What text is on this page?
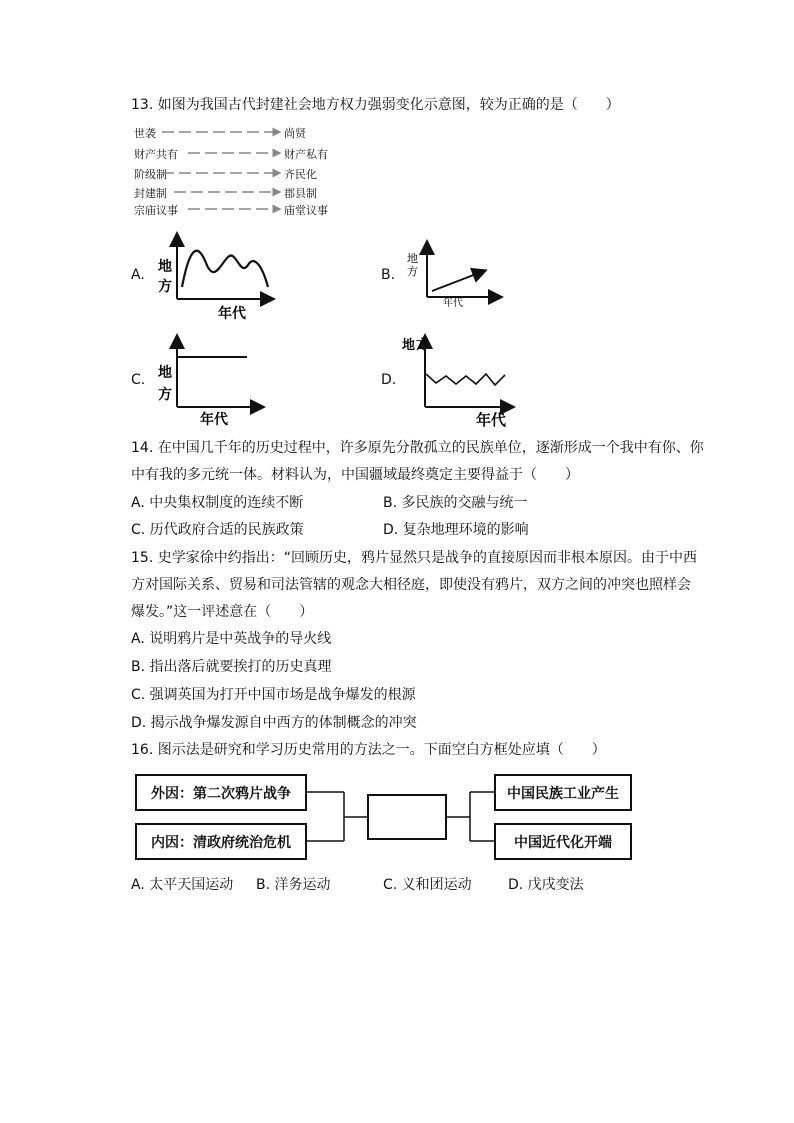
13. 如图为我国古代封建社会地方权力强弱变化示意图，较为正确的是（　　）
世袭	尚贤
财产共有	财产私有
阶级制	齐民化
封建制	郡县制
宗庙议事	庙堂议事
A.	B.
C.	D.
地
方
年代
地
方
年代
地
方
年代
地 方
年代
14. 在中国几千年的历史过程中，许多原先分散孤立的民族单位，逐渐形成一个我中有你、你
中有我的多元统一体。材料认为，中国疆域最终奠定主要得益于（　　）
A. 中央集权制度的连续不断	B. 多民族的交融与统一
C. 历代政府合适的民族政策	D. 复杂地理环境的影响
15. 史学家徐中约指出：“回顾历史，鸦片显然只是战争的直接原因而非根本原因。由于中西
方对国际关系、贸易和司法管辖的观念大相径庭，即使没有鸦片，双方之间的冲突也照样会
爆发。”这一评述意在（　　）
A. 说明鸦片是中英战争的导火线
B. 指出落后就要挨打的历史真理
C. 强调英国为打开中国市场是战争爆发的根源
D. 揭示战争爆发源自中西方的体制概念的冲突
16. 图示法是研究和学习历史常用的方法之一。下面空白方框处应填（　　）
外因：第二次鸦片战争
内因：清政府统治危机
中国民族工业产生
中国近代化开端
A. 太平天国运动 B. 洋务运动	C. 义和团运动	D. 戊戌变法
